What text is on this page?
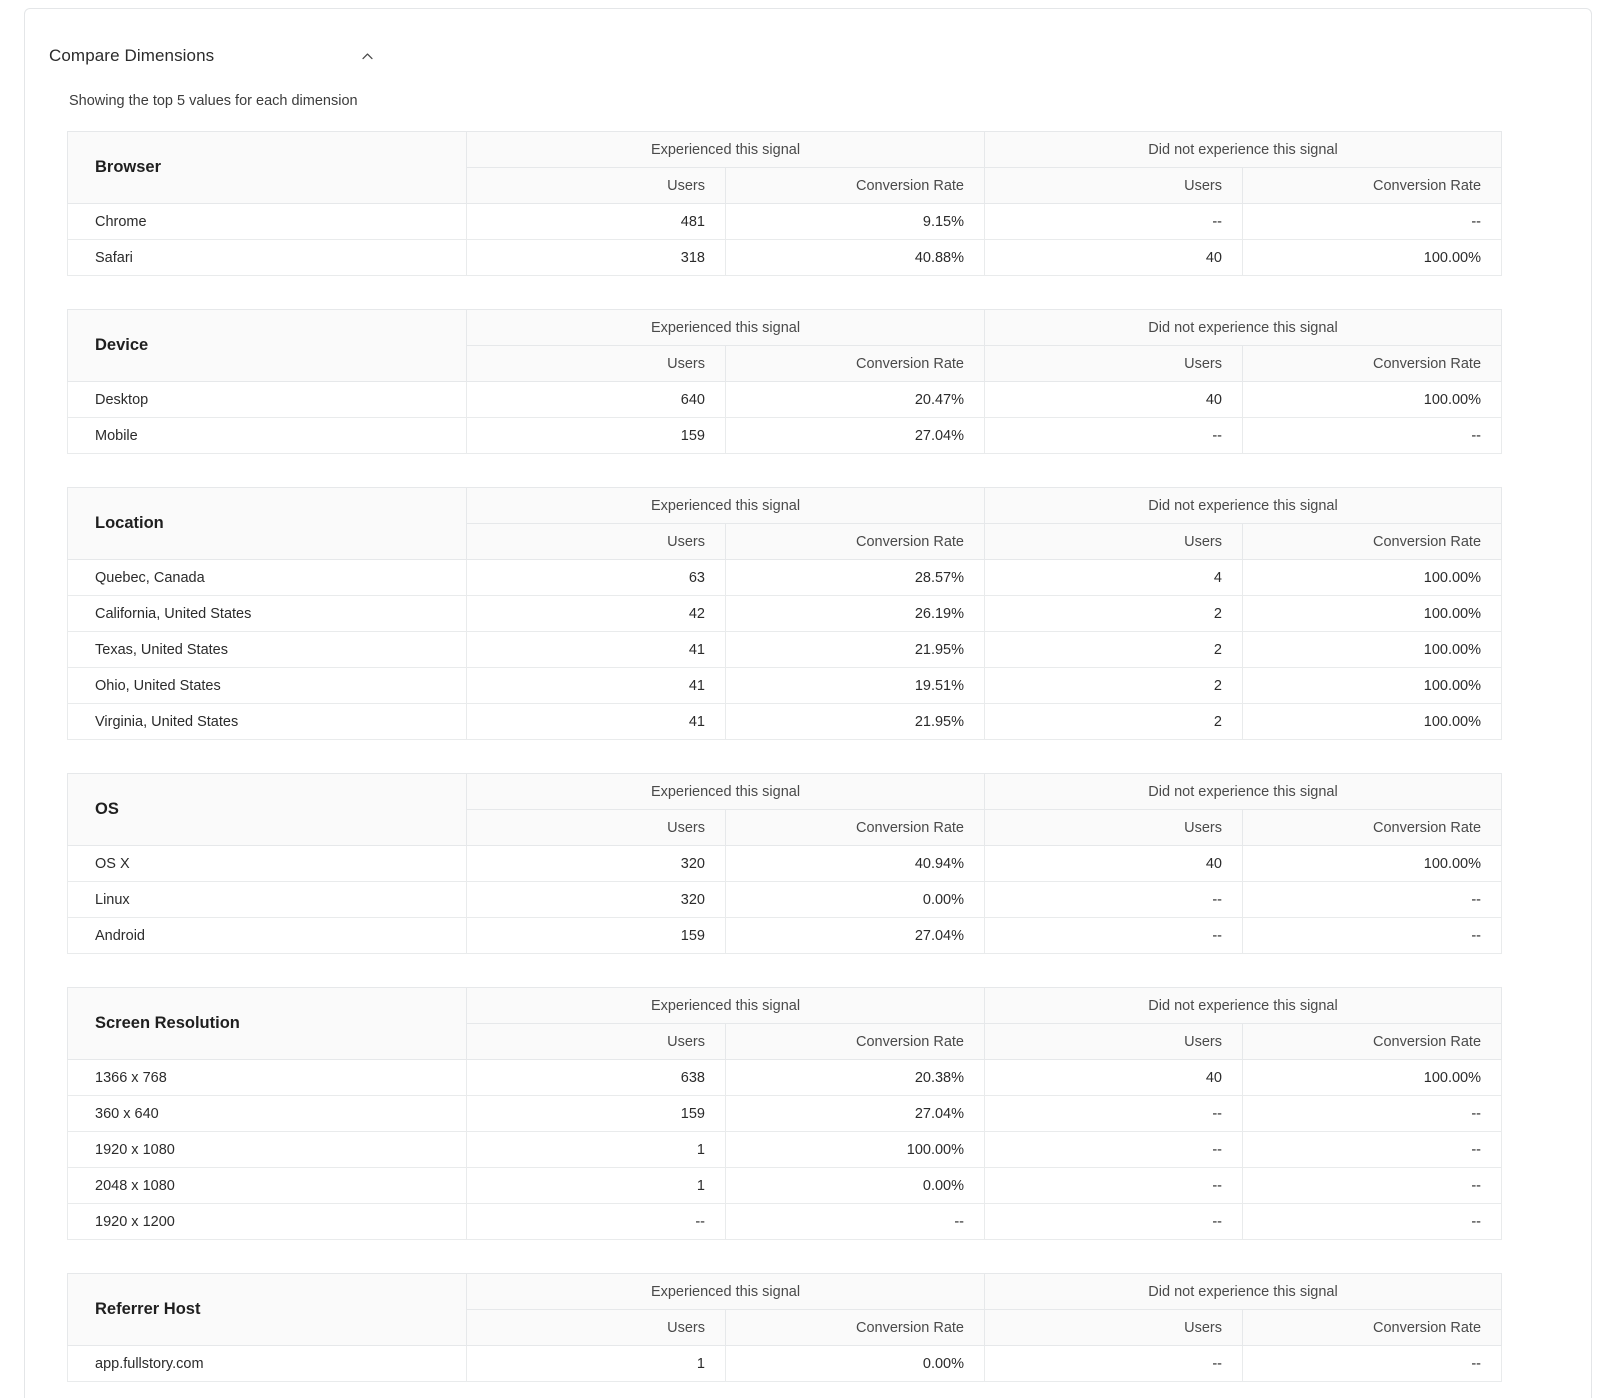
Compare Dimensions
Showing the top 5 values for each dimension
Browser	Experienced this signal		Did not experience this signal	
	Users	Conversion Rate	Users	Conversion Rate
Chrome	481	9.15%	--	--
Safari	318	40.88%	40	100.00%
Device	Experienced this signal		Did not experience this signal	
	Users	Conversion Rate	Users	Conversion Rate
Desktop	640	20.47%	40	100.00%
Mobile	159	27.04%	--	--
Location	Experienced this signal		Did not experience this signal	
	Users	Conversion Rate	Users	Conversion Rate
Quebec, Canada	63	28.57%	4	100.00%
California, United States	42	26.19%	2	100.00%
Texas, United States	41	21.95%	2	100.00%
Ohio, United States	41	19.51%	2	100.00%
Virginia, United States	41	21.95%	2	100.00%
OS	Experienced this signal		Did not experience this signal	
	Users	Conversion Rate	Users	Conversion Rate
OS X	320	40.94%	40	100.00%
Linux	320	0.00%	--	--
Android	159	27.04%	--	--
Screen Resolution	Experienced this signal		Did not experience this signal	
	Users	Conversion Rate	Users	Conversion Rate
1366 x 768	638	20.38%	40	100.00%
360 x 640	159	27.04%	--	--
1920 x 1080	1	100.00%	--	--
2048 x 1080	1	0.00%	--	--
1920 x 1200	--	--	--	--
Referrer Host	Experienced this signal		Did not experience this signal	
	Users	Conversion Rate	Users	Conversion Rate
app.fullstory.com	1	0.00%	--	--
